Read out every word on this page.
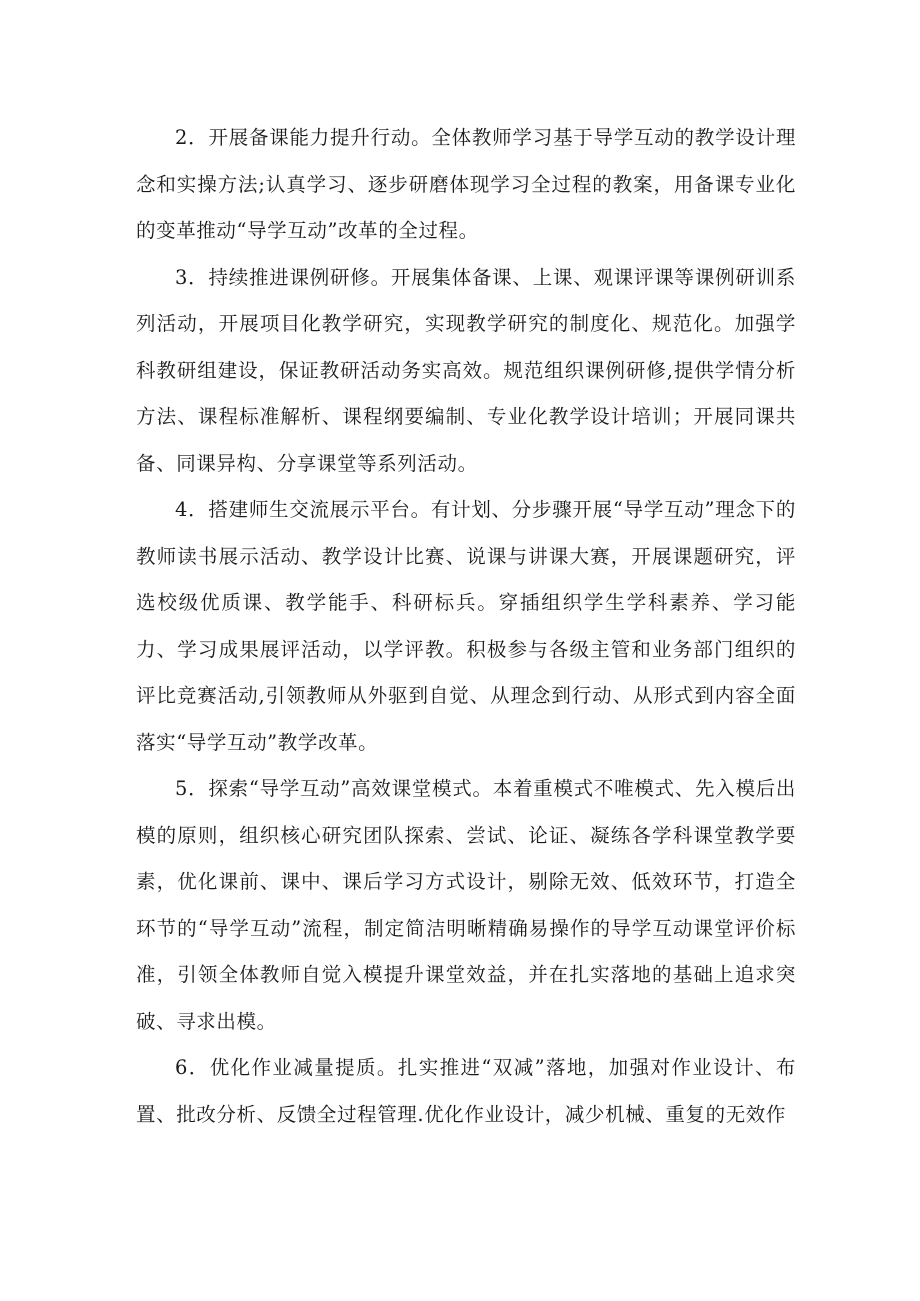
2．开展备课能力提升行动。全体教师学习基于导学互动的教学设计理念和实操方法;认真学习、逐步研磨体现学习全过程的教案，用备课专业化的变革推动“导学互动”改革的全过程。

3．持续推进课例研修。开展集体备课、上课、观课评课等课例研训系列活动，开展项目化教学研究，实现教学研究的制度化、规范化。加强学科教研组建设，保证教研活动务实高效。规范组织课例研修,提供学情分析方法、课程标准解析、课程纲要编制、专业化教学设计培训；开展同课共备、同课异构、分享课堂等系列活动。

4．搭建师生交流展示平台。有计划、分步骤开展“导学互动”理念下的教师读书展示活动、教学设计比赛、说课与讲课大赛，开展课题研究，评选校级优质课、教学能手、科研标兵。穿插组织学生学科素养、学习能力、学习成果展评活动，以学评教。积极参与各级主管和业务部门组织的评比竞赛活动,引领教师从外驱到自觉、从理念到行动、从形式到内容全面落实“导学互动”教学改革。

5．探索“导学互动”高效课堂模式。本着重模式不唯模式、先入模后出模的原则，组织核心研究团队探索、尝试、论证、凝练各学科课堂教学要素，优化课前、课中、课后学习方式设计，剔除无效、低效环节，打造全环节的“导学互动”流程，制定简洁明晰精确易操作的导学互动课堂评价标准，引领全体教师自觉入模提升课堂效益，并在扎实落地的基础上追求突破、寻求出模。

6．优化作业减量提质。扎实推进“双减”落地，加强对作业设计、布置、批改分析、反馈全过程管理.优化作业设计，减少机械、重复的无效作
